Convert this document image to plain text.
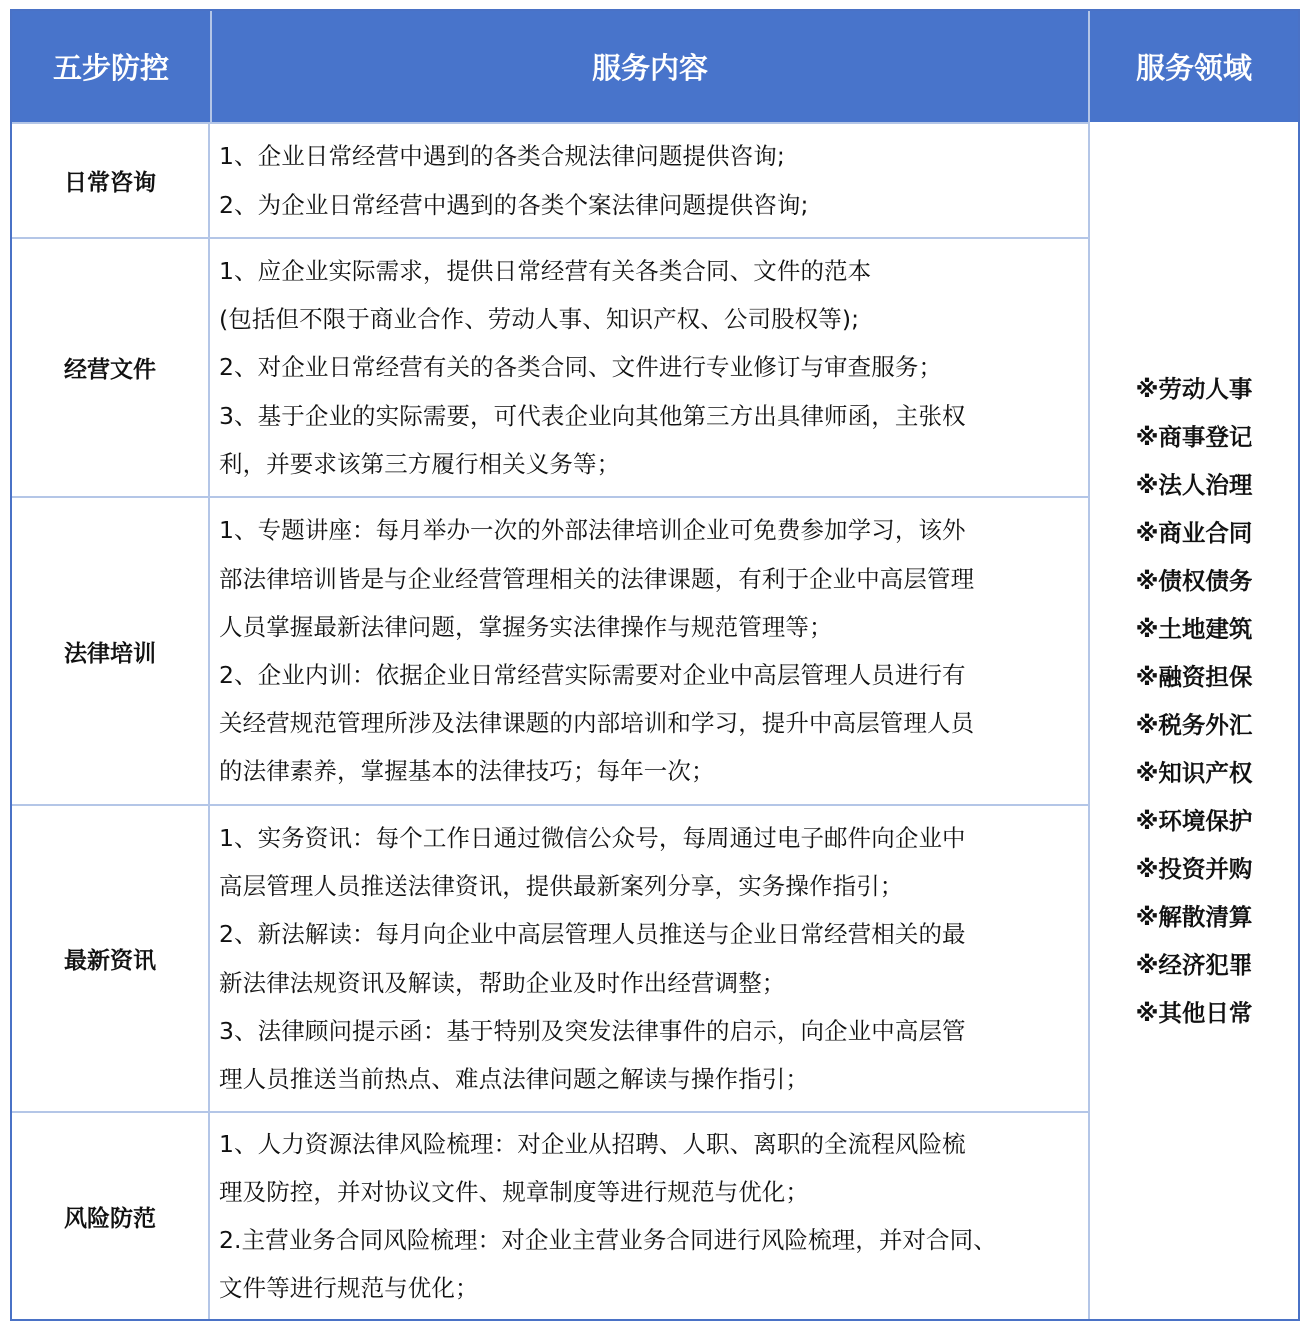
五步防控	服务内容	服务领域
日常咨询
1、企业日常经营中遇到的各类合规法律问题提供咨询;
2、为企业日常经营中遇到的各类个案法律问题提供咨询;
经营文件
1、应企业实际需求，提供日常经营有关各类合同、文件的范本
(包括但不限于商业合作、劳动人事、知识产权、公司股权等);
2、对企业日常经营有关的各类合同、文件进行专业修订与审查服务；
3、基于企业的实际需要，可代表企业向其他第三方出具律师函，主张权
利，并要求该第三方履行相关义务等；
法律培训
1、专题讲座：每月举办一次的外部法律培训企业可免费参加学习，该外
部法律培训皆是与企业经营管理相关的法律课题，有利于企业中高层管理
人员掌握最新法律问题，掌握务实法律操作与规范管理等；
2、企业内训：依据企业日常经营实际需要对企业中高层管理人员进行有
关经营规范管理所涉及法律课题的内部培训和学习，提升中高层管理人员
的法律素养，掌握基本的法律技巧；每年一次；
最新资讯
1、实务资讯：每个工作日通过微信公众号，每周通过电子邮件向企业中
高层管理人员推送法律资讯，提供最新案列分享，实务操作指引；
2、新法解读：每月向企业中高层管理人员推送与企业日常经营相关的最
新法律法规资讯及解读，帮助企业及时作出经营调整；
3、法律顾问提示函：基于特别及突发法律事件的启示，向企业中高层管
理人员推送当前热点、难点法律问题之解读与操作指引；
风险防范
1、人力资源法律风险梳理：对企业从招聘、人职、离职的全流程风险梳
理及防控，并对协议文件、规章制度等进行规范与优化；
2.主营业务合同风险梳理：对企业主营业务合同进行风险梳理，并对合同、
文件等进行规范与优化；
※劳动人事
※商事登记
※法人治理
※商业合同
※债权债务
※土地建筑
※融资担保
※税务外汇
※知识产权
※环境保护
※投资并购
※解散清算
※经济犯罪
※其他日常
